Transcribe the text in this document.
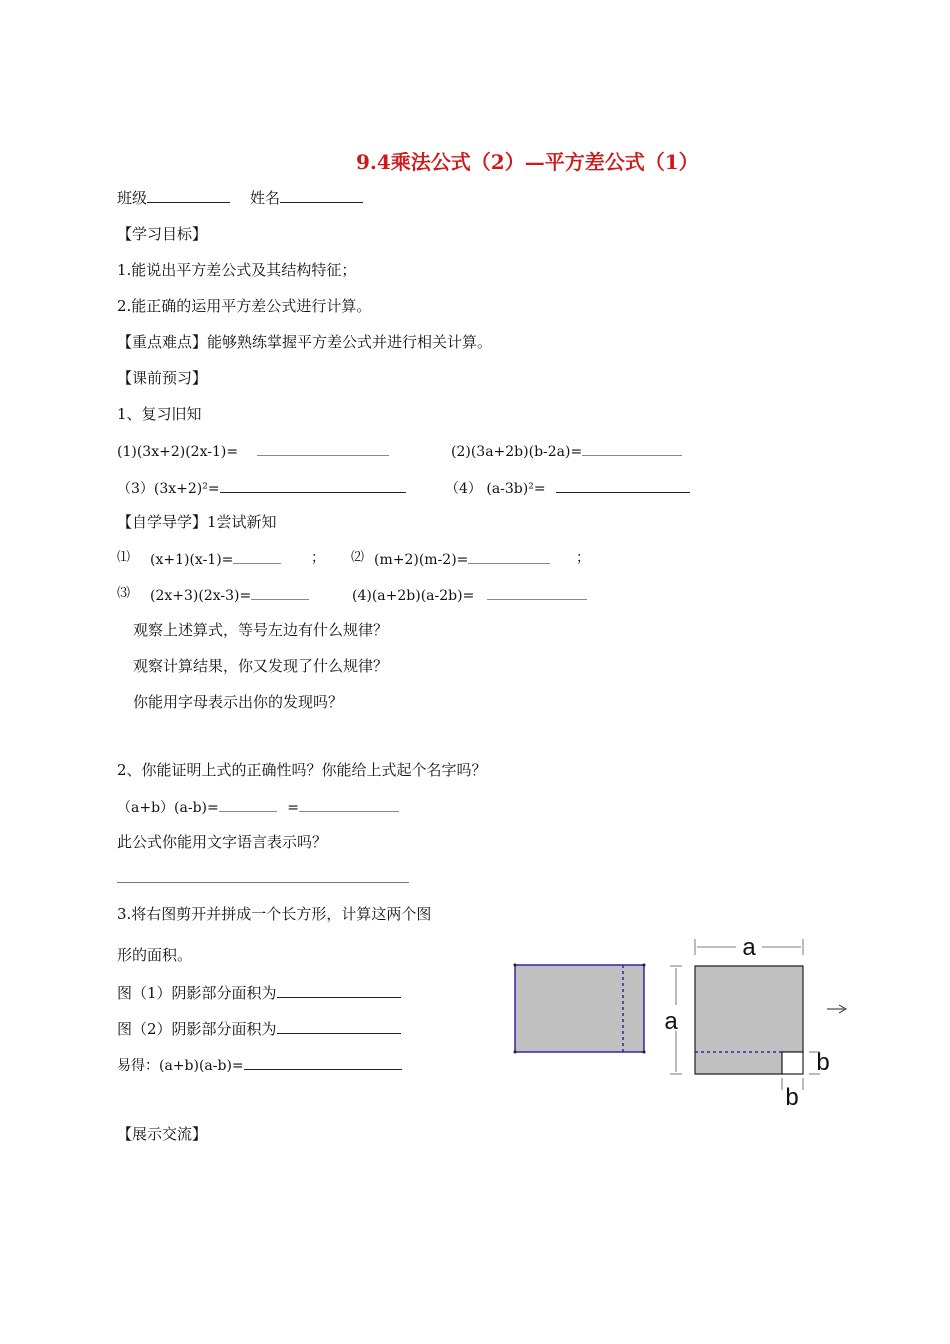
9.4乘法公式（2）—平方差公式（1）
班级	姓名
【学习目标】
1.能说出平方差公式及其结构特征；
2.能正确的运用平方差公式进行计算。
【重点难点】能够熟练掌握平方差公式并进行相关计算。
【课前预习】
1、复习旧知
(1)(3x+2)(2x-1)=	(2)(3a+2b)(b-2a)=
（3）(3x+2)²=	（4） (a-3b)²=
【自学导学】1尝试新知
⑴ (x+1)(x-1)=	； ⑵ (m+2)(m-2)=	；
⑶ (2x+3)(2x-3)=	(4)(a+2b)(a-2b)=
观察上述算式，等号左边有什么规律？
观察计算结果，你又发现了什么规律？
你能用字母表示出你的发现吗？
2、你能证明上式的正确性吗？你能给上式起个名字吗？
（a+b）(a-b)=	=
此公式你能用文字语言表示吗？
3.将右图剪开并拼成一个长方形，计算这两个图
形的面积。
图（1）阴影部分面积为
图（2）阴影部分面积为
易得：(a+b)(a-b)=
a
a
b
b
【展示交流】
